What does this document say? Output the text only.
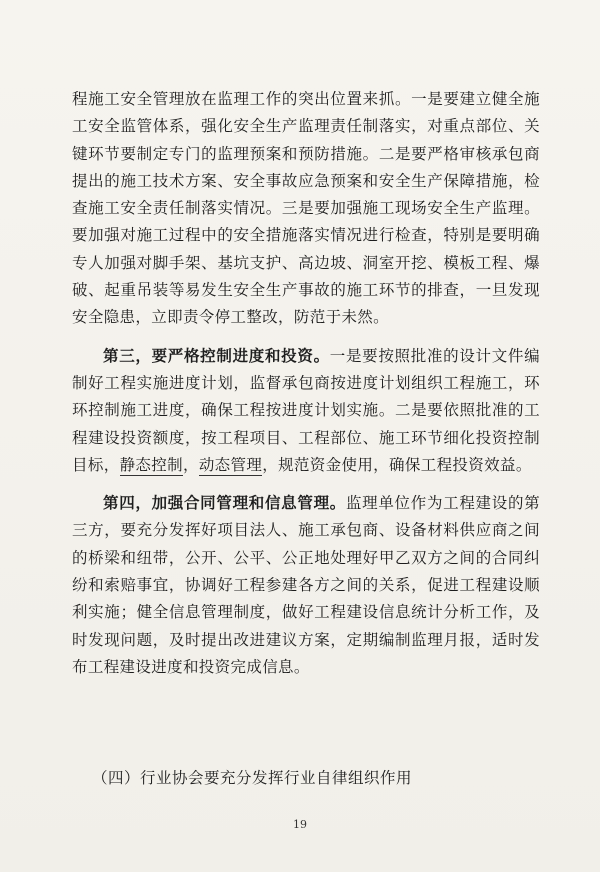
程施工安全管理放在监理工作的突出位置来抓。一是要建立健全施工安全监管体系，强化安全生产监理责任制落实，对重点部位、关键环节要制定专门的监理预案和预防措施。二是要严格审核承包商提出的施工技术方案、安全事故应急预案和安全生产保障措施，检查施工安全责任制落实情况。三是要加强施工现场安全生产监理。要加强对施工过程中的安全措施落实情况进行检查，特别是要明确专人加强对脚手架、基坑支护、高边坡、洞室开挖、模板工程、爆破、起重吊装等易发生安全生产事故的施工环节的排查，一旦发现安全隐患，立即责令停工整改，防范于未然。

第三，要严格控制进度和投资。一是要按照批准的设计文件编制好工程实施进度计划，监督承包商按进度计划组织工程施工，环环控制施工进度，确保工程按进度计划实施。二是要依照批准的工程建设投资额度，按工程项目、工程部位、施工环节细化投资控制目标，静态控制，动态管理，规范资金使用，确保工程投资效益。

第四，加强合同管理和信息管理。监理单位作为工程建设的第三方，要充分发挥好项目法人、施工承包商、设备材料供应商之间的桥梁和纽带，公开、公平、公正地处理好甲乙双方之间的合同纠纷和索赔事宜，协调好工程参建各方之间的关系，促进工程建设顺利实施；健全信息管理制度，做好工程建设信息统计分析工作，及时发现问题，及时提出改进建议方案，定期编制监理月报，适时发布工程建设进度和投资完成信息。

（四）行业协会要充分发挥行业自律组织作用
19
